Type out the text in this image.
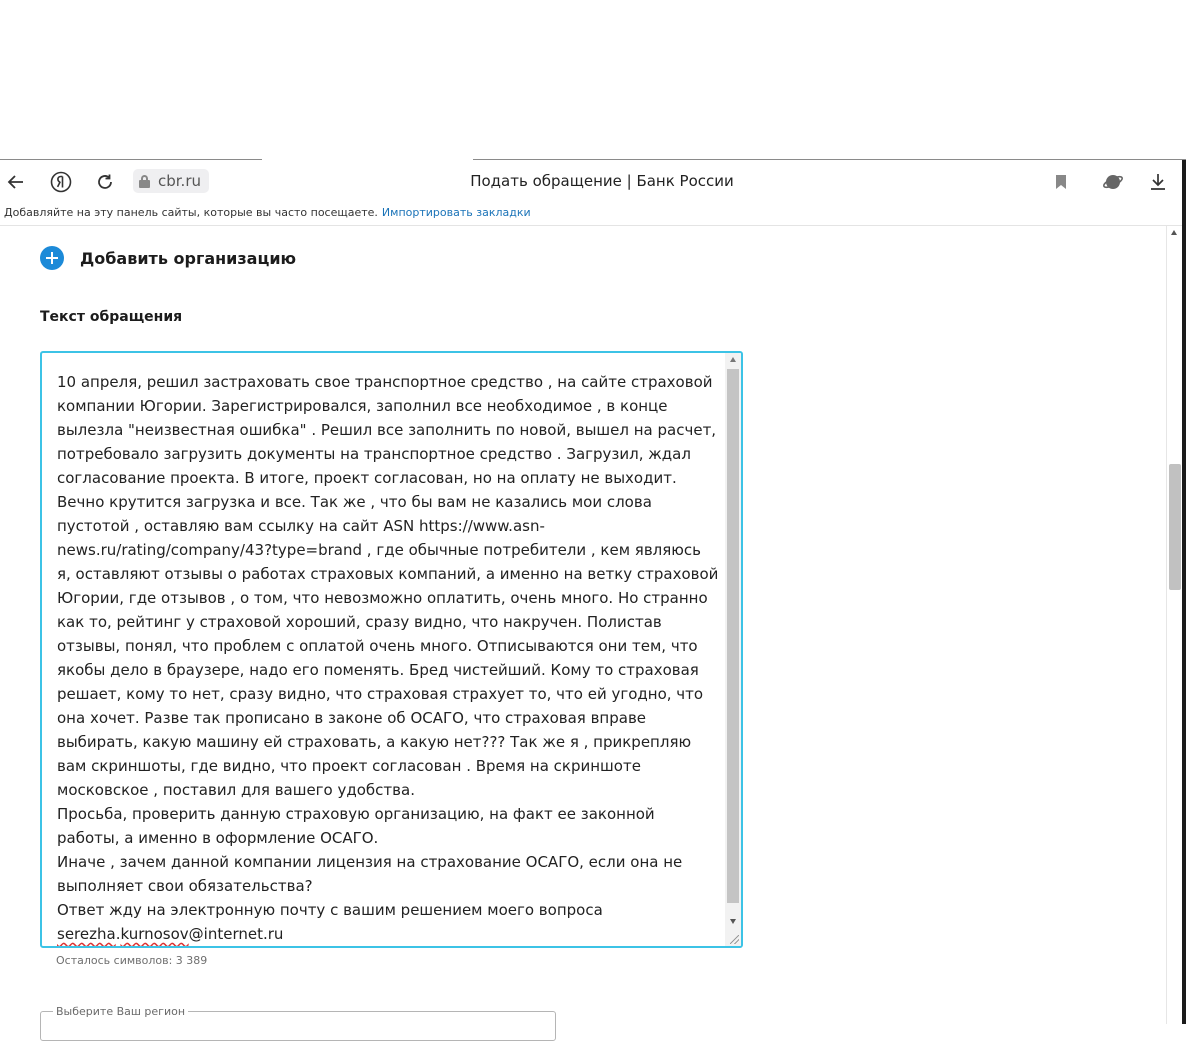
cbr.ru	Подать обращение | Банк России
Добавляйте на эту панель сайты, которые вы часто посещаете. Импортировать закладки
Добавить организацию
Текст обращения
10 апреля, решил застраховать свое транспортное средство , на сайте страховой
компании Югории. Зарегистрировался, заполнил все необходимое , в конце
вылезла "неизвестная ошибка" . Решил все заполнить по новой, вышел на расчет,
потребовало загрузить документы на транспортное средство . Загрузил, ждал
согласование проекта. В итоге, проект согласован, но на оплату не выходит.
Вечно крутится загрузка и все. Так же , что бы вам не казались мои слова
пустотой , оставляю вам ссылку на сайт ASN https://www.asn-
news.ru/rating/company/43?type=brand , где обычные потребители , кем являюсь
я, оставляют отзывы о работах страховых компаний, а именно на ветку страховой
Югории, где отзывов , о том, что невозможно оплатить, очень много. Но странно
как то, рейтинг у страховой хороший, сразу видно, что накручен. Полистав
отзывы, понял, что проблем с оплатой очень много. Отписываются они тем, что
якобы дело в браузере, надо его поменять. Бред чистейший. Кому то страховая
решает, кому то нет, сразу видно, что страховая страхует то, что ей угодно, что
она хочет. Разве так прописано в законе об ОСАГО, что страховая вправе
выбирать, какую машину ей страховать, а какую нет??? Так же я , прикрепляю
вам скриншоты, где видно, что проект согласован . Время на скриншоте
московское , поставил для вашего удобства.
Просьба, проверить данную страховую организацию, на факт ее законной
работы, а именно в оформление ОСАГО.
Иначе , зачем данной компании лицензия на страхование ОСАГО, если она не
выполняет свои обязательства?
Ответ жду на электронную почту с вашим решением моего вопроса
serezha.kurnosov@internet.ru
Осталось символов: 3 389
Выберите Ваш регион
